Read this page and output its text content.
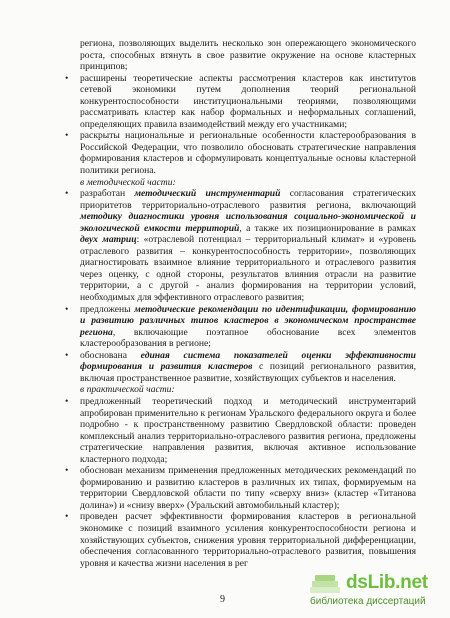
региона, позволяющих выделить несколько зон опережающего экономического роста, способных втянуть в свое развитие окружение на основе кластерных принципов;

• расширены теоретические аспекты рассмотрения кластеров как институтов сетевой экономики путем дополнения теорий региональной конкурентоспособности институциональными теориями, позволяющими рассматривать кластер как набор формальных и неформальных соглашений, определяющих правила взаимодействий между его участниками;

• раскрыты национальные и региональные особенности кластерообразования в Российской Федерации, что позволило обосновать стратегические направления формирования кластеров и сформулировать концептуальные основы кластерной политики региона.

в методической части:

• разработан методический инструментарий согласования стратегических приоритетов территориально-отраслевого развития региона, включающий методику диагностики уровня использования социально-экономической и экологической емкости территорий, а также их позиционирование в рамках двух матриц: «отраслевой потенциал – территориальный климат» и «уровень отраслевого развития – конкурентоспособность территории», позволяющих диагностировать взаимное влияние территориального и отраслевого развития через оценку, с одной стороны, результатов влияния отрасли на развитие территории, а с другой - анализ формирования на территории условий, необходимых для эффективного отраслевого развития;

• предложены методические рекомендации по идентификации, формированию и развитию различных типов кластеров в экономическом пространстве региона, включающие поэтапное обоснование всех элементов кластерообразования в регионе;

• обоснована единая система показателей оценки эффективности формирования и развития кластеров с позиций регионального развития, включая пространственное развитие, хозяйствующих субъектов и населения.

в практической части:

• предложенный теоретический подход и методический инструментарий апробирован применительно к регионам Уральского федерального округа и более подробно - к пространственному развитию Свердловской области: проведен комплексный анализ территориально-отраслевого развития региона, предложены стратегические направления развития, включая активное использование кластерного подхода;

• обоснован механизм применения предложенных методических рекомендаций по формированию и развитию кластеров в различных их типах, формируемым на территории Свердловской области по типу «сверху вниз» (кластер «Титанова долина») и «снизу вверх» (Уральский автомобильный кластер);

• проведен расчет эффективности формирования кластеров в региональной экономике с позиций взаимного усиления конкурентоспособности региона и хозяйствующих субъектов, снижения уровня территориальной дифференциации, обеспечения согласованного территориально-отраслевого развития, повышения уровня и качества жизни населения в рег

9
dsLib.net
библиотека диссертаций
